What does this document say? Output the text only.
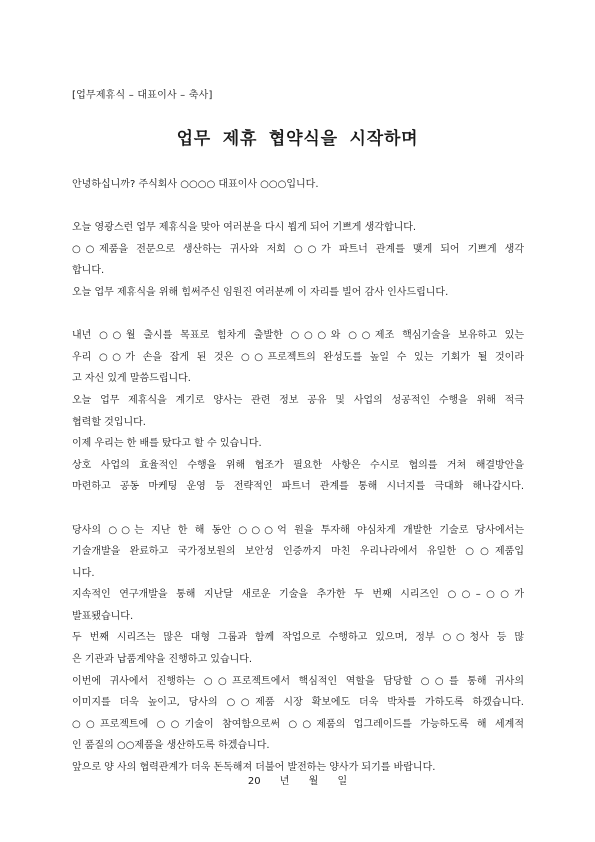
[업무제휴식 – 대표이사 – 축사]
업무 제휴 협약식을 시작하며
안녕하십니까? 주식회사 ○○○○ 대표이사 ○○○입니다.
오늘 영광스런 업무 제휴식을 맞아 여러분을 다시 뵙게 되어 기쁘게 생각합니다.
○○제품을 전문으로 생산하는 귀사와 저희 ○○가 파트너 관계를 맺게 되어 기쁘게 생각
합니다.
오늘 업무 제휴식을 위해 힘써주신 임원진 여러분께 이 자리를 빌어 감사 인사드립니다.
내년 ○○월 출시를 목표로 힘차게 출발한 ○○○와 ○○제조 핵심기술을 보유하고 있는
우리 ○○가 손을 잡게 된 것은 ○○프로젝트의 완성도를 높일 수 있는 기회가 될 것이라
고 자신 있게 말씀드립니다.
오늘 업무 제휴식을 계기로 양사는 관련 정보 공유 및 사업의 성공적인 수행을 위해 적극
협력할 것입니다.
이제 우리는 한 배를 탔다고 할 수 있습니다.
상호 사업의 효율적인 수행을 위해 협조가 필요한 사항은 수시로 협의를 거쳐 해결방안을
마련하고 공동 마케팅 운영 등 전략적인 파트너 관계를 통해 시너지를 극대화 해나갑시다.
당사의 ○○는 지난 한 해 동안 ○○○억 원을 투자해 야심차게 개발한 기술로 당사에서는
기술개발을 완료하고 국가정보원의 보안성 인증까지 마친 우리나라에서 유일한 ○○제품입
니다.
지속적인 연구개발을 통해 지난달 새로운 기술을 추가한 두 번째 시리즈인 ○○–○○가
발표됐습니다.
두 번째 시리즈는 많은 대형 그룹과 함께 작업으로 수행하고 있으며, 정부 ○○청사 등 많
은 기관과 납품계약을 진행하고 있습니다.
이번에 귀사에서 진행하는 ○○프로젝트에서 핵심적인 역할을 담당할 ○○를 통해 귀사의
이미지를 더욱 높이고, 당사의 ○○제품 시장 확보에도 더욱 박차를 가하도록 하겠습니다.
○○프로젝트에 ○○기술이 참여함으로써 ○○제품의 업그레이드를 가능하도록 해 세계적
인 품질의 ○○제품을 생산하도록 하겠습니다.
앞으로 양 사의 협력관계가 더욱 돈독해져 더불어 발전하는 양사가 되기를 바랍니다.
20 년 월 일
